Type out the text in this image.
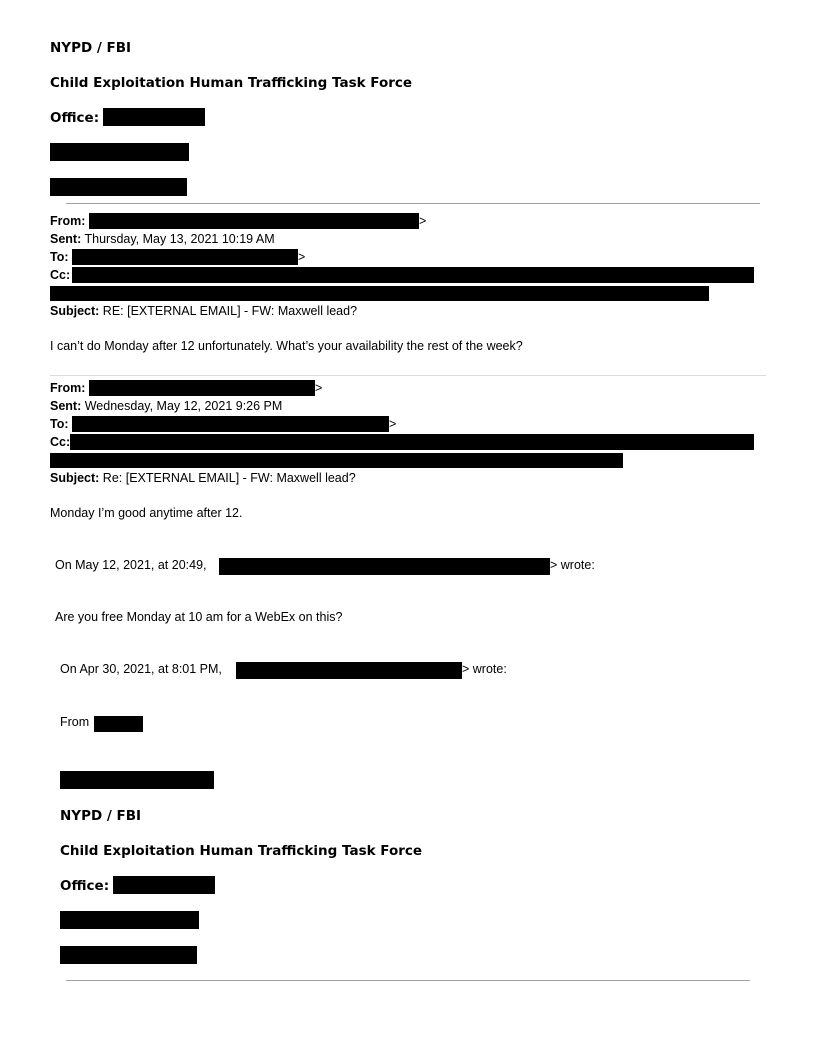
NYPD / FBI
Child Exploitation Human Trafficking Task Force
Office:
From:	>
Sent: Thursday, May 13, 2021 10:19 AM
To:	>
Cc:
Subject: RE: [EXTERNAL EMAIL] - FW: Maxwell lead?
I can’t do Monday after 12 unfortunately. What’s your availability the rest of the week?
From:	>
Sent: Wednesday, May 12, 2021 9:26 PM
To:	>
Cc:
Subject: Re: [EXTERNAL EMAIL] - FW: Maxwell lead?
Monday I’m good anytime after 12.
On May 12, 2021, at 20:49,	> wrote:
Are you free Monday at 10 am for a WebEx on this?
On Apr 30, 2021, at 8:01 PM,	> wrote:
From
NYPD / FBI
Child Exploitation Human Trafficking Task Force
Office:
